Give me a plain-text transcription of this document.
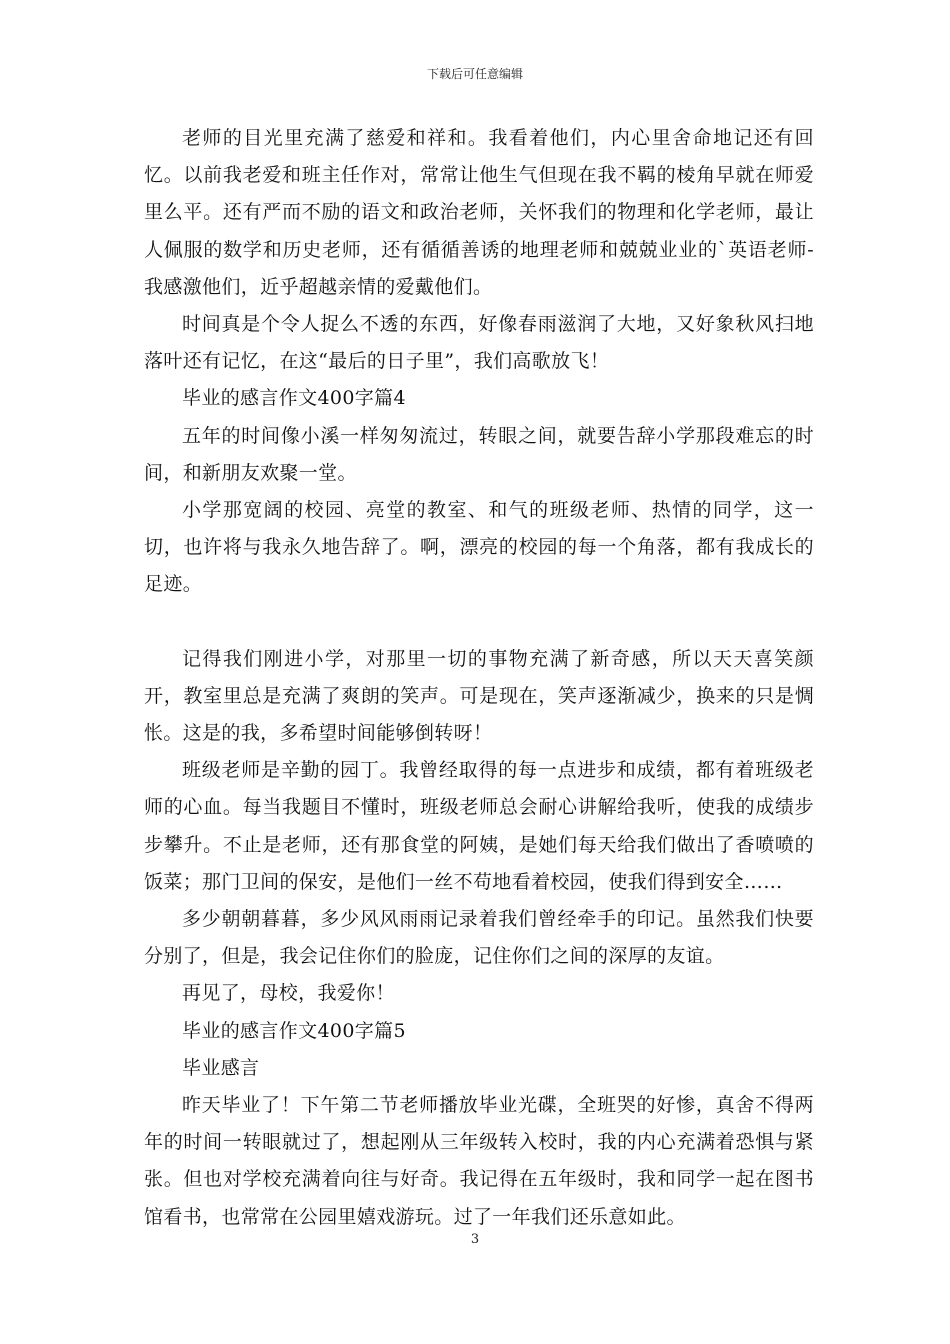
下载后可任意编辑

老师的目光里充满了慈爱和祥和。我看着他们，内心里舍命地记还有回忆。以前我老爱和班主任作对，常常让他生气但现在我不羁的棱角早就在师爱里么平。还有严而不励的语文和政治老师，关怀我们的物理和化学老师，最让人佩服的数学和历史老师，还有循循善诱的地理老师和兢兢业业的`英语老师-我感激他们，近乎超越亲情的爱戴他们。

时间真是个令人捉么不透的东西，好像春雨滋润了大地，又好象秋风扫地落叶还有记忆，在这“最后的日子里”，我们高歌放飞！

毕业的感言作文400字篇4

五年的时间像小溪一样匆匆流过，转眼之间，就要告辞小学那段难忘的时间，和新朋友欢聚一堂。

小学那宽阔的校园、亮堂的教室、和气的班级老师、热情的同学，这一切，也许将与我永久地告辞了。啊，漂亮的校园的每一个角落，都有我成长的足迹。

记得我们刚进小学，对那里一切的事物充满了新奇感，所以天天喜笑颜开，教室里总是充满了爽朗的笑声。可是现在，笑声逐渐减少，换来的只是惆怅。这是的我，多希望时间能够倒转呀！

班级老师是辛勤的园丁。我曾经取得的每一点进步和成绩，都有着班级老师的心血。每当我题目不懂时，班级老师总会耐心讲解给我听，使我的成绩步步攀升。不止是老师，还有那食堂的阿姨，是她们每天给我们做出了香喷喷的饭菜；那门卫间的保安，是他们一丝不苟地看着校园，使我们得到安全……

多少朝朝暮暮，多少风风雨雨记录着我们曾经牵手的印记。虽然我们快要分别了，但是，我会记住你们的脸庞，记住你们之间的深厚的友谊。

再见了，母校，我爱你！

毕业的感言作文400字篇5

毕业感言

昨天毕业了！下午第二节老师播放毕业光碟，全班哭的好惨，真舍不得两年的时间一转眼就过了，想起刚从三年级转入校时，我的内心充满着恐惧与紧张。但也对学校充满着向往与好奇。我记得在五年级时，我和同学一起在图书馆看书，也常常在公园里嬉戏游玩。过了一年我们还乐意如此。

3
